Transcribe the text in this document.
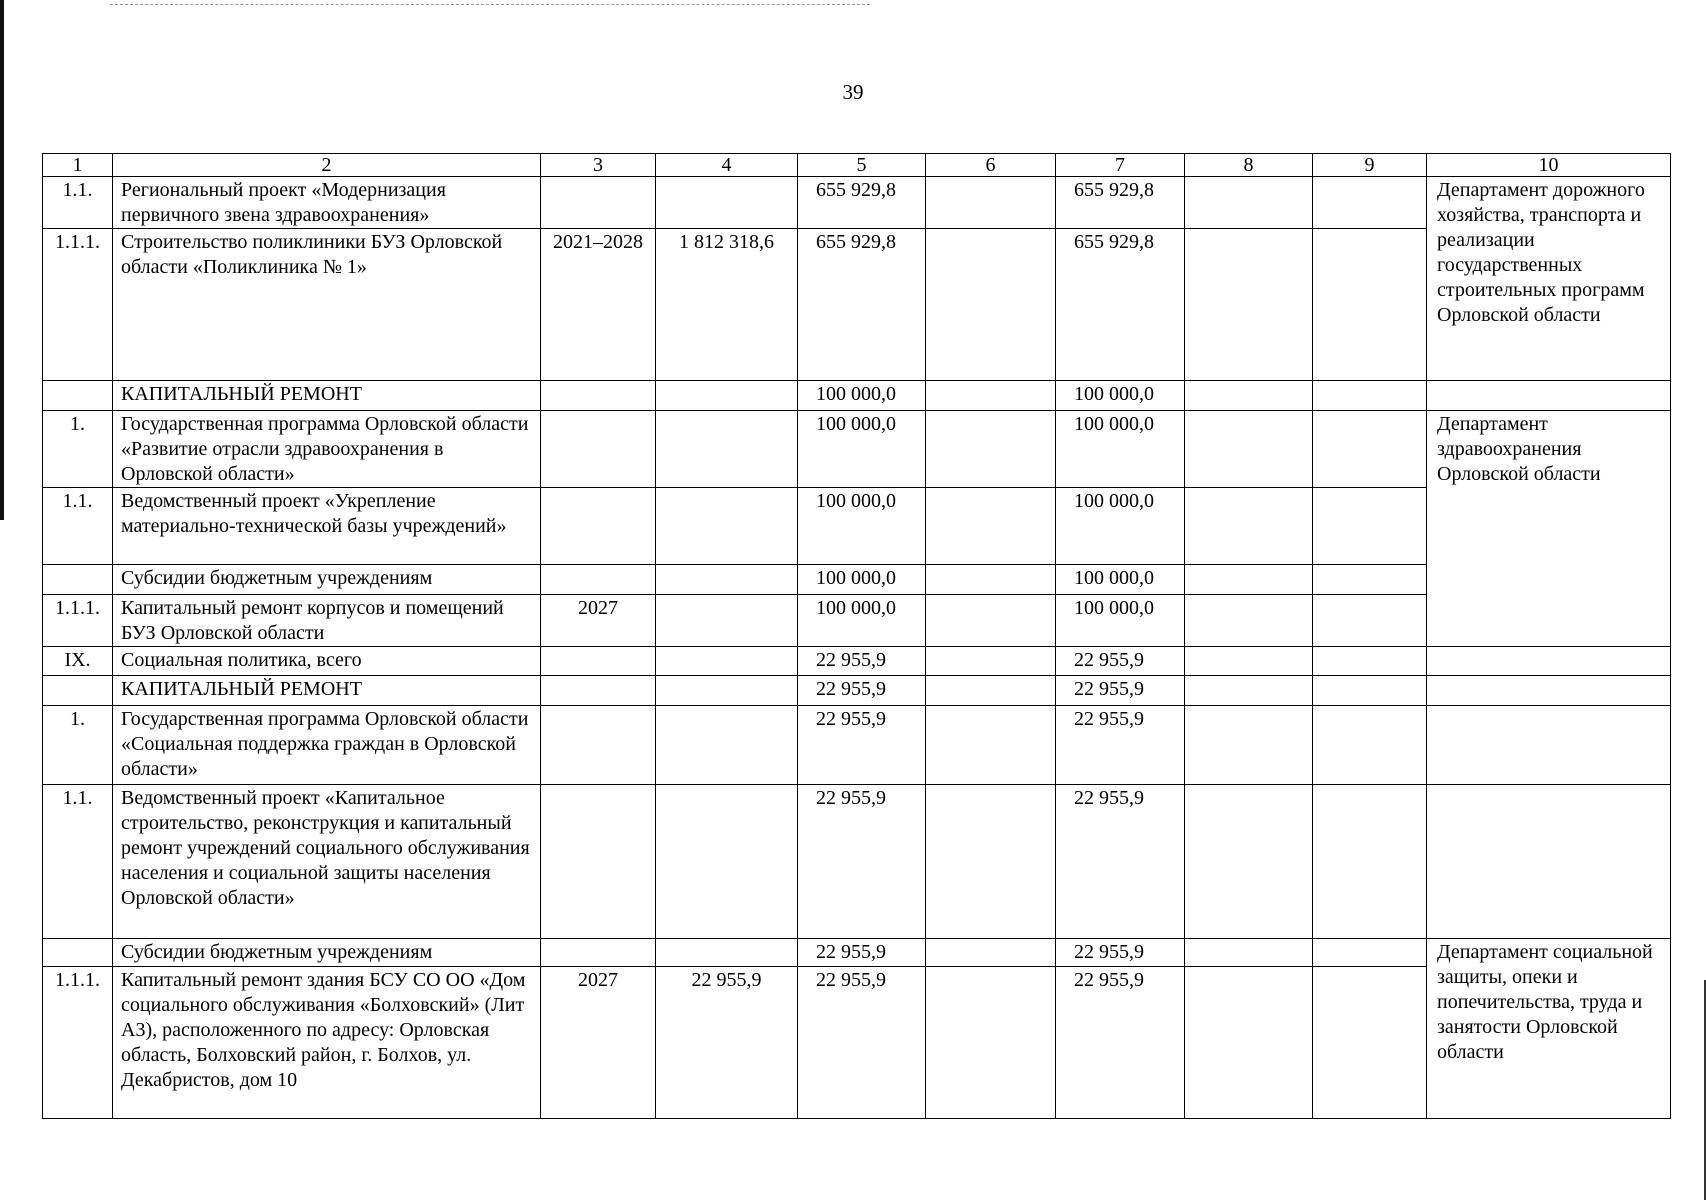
39
1	2	3	4	5	6	7	8	9	10
1.1.	Региональный проект «Модернизация первичного звена здравоохранения»			655 929,8		655 929,8			Департамент дорожного хозяйства, транспорта и реализации государственных строительных программ Орловской области
1.1.1.	Строительство поликлиники БУЗ Орловской области «Поликлиника № 1»	2021–2028	1 812 318,6	655 929,8		655 929,8			
	КАПИТАЛЬНЫЙ РЕМОНТ			100 000,0		100 000,0			
1.	Государственная программа Орловской области «Развитие отрасли здравоохранения в Орловской области»			100 000,0		100 000,0			Департамент здравоохранения Орловской области
1.1.	Ведомственный проект «Укрепление материально-технической базы учреждений»			100 000,0		100 000,0			
	Субсидии бюджетным учреждениям			100 000,0		100 000,0			
1.1.1.	Капитальный ремонт корпусов и помещений БУЗ Орловской области	2027		100 000,0		100 000,0			
IX.	Социальная политика, всего			22 955,9		22 955,9			
	КАПИТАЛЬНЫЙ РЕМОНТ			22 955,9		22 955,9			
1.	Государственная программа Орловской области «Социальная поддержка граждан в Орловской области»			22 955,9		22 955,9			
1.1.	Ведомственный проект «Капитальное строительство, реконструкция и капитальный ремонт учреждений социального обслуживания населения и социальной защиты населения Орловской области»			22 955,9		22 955,9			
	Субсидии бюджетным учреждениям			22 955,9		22 955,9			Департамент социальной защиты, опеки и попечительства, труда и занятости Орловской области
1.1.1.	Капитальный ремонт здания БСУ СО ОО «Дом социального обслуживания «Болховский» (Лит А3), расположенного по адресу: Орловская область, Болховский район, г. Болхов, ул. Декабристов, дом 10	2027	22 955,9	22 955,9		22 955,9			
